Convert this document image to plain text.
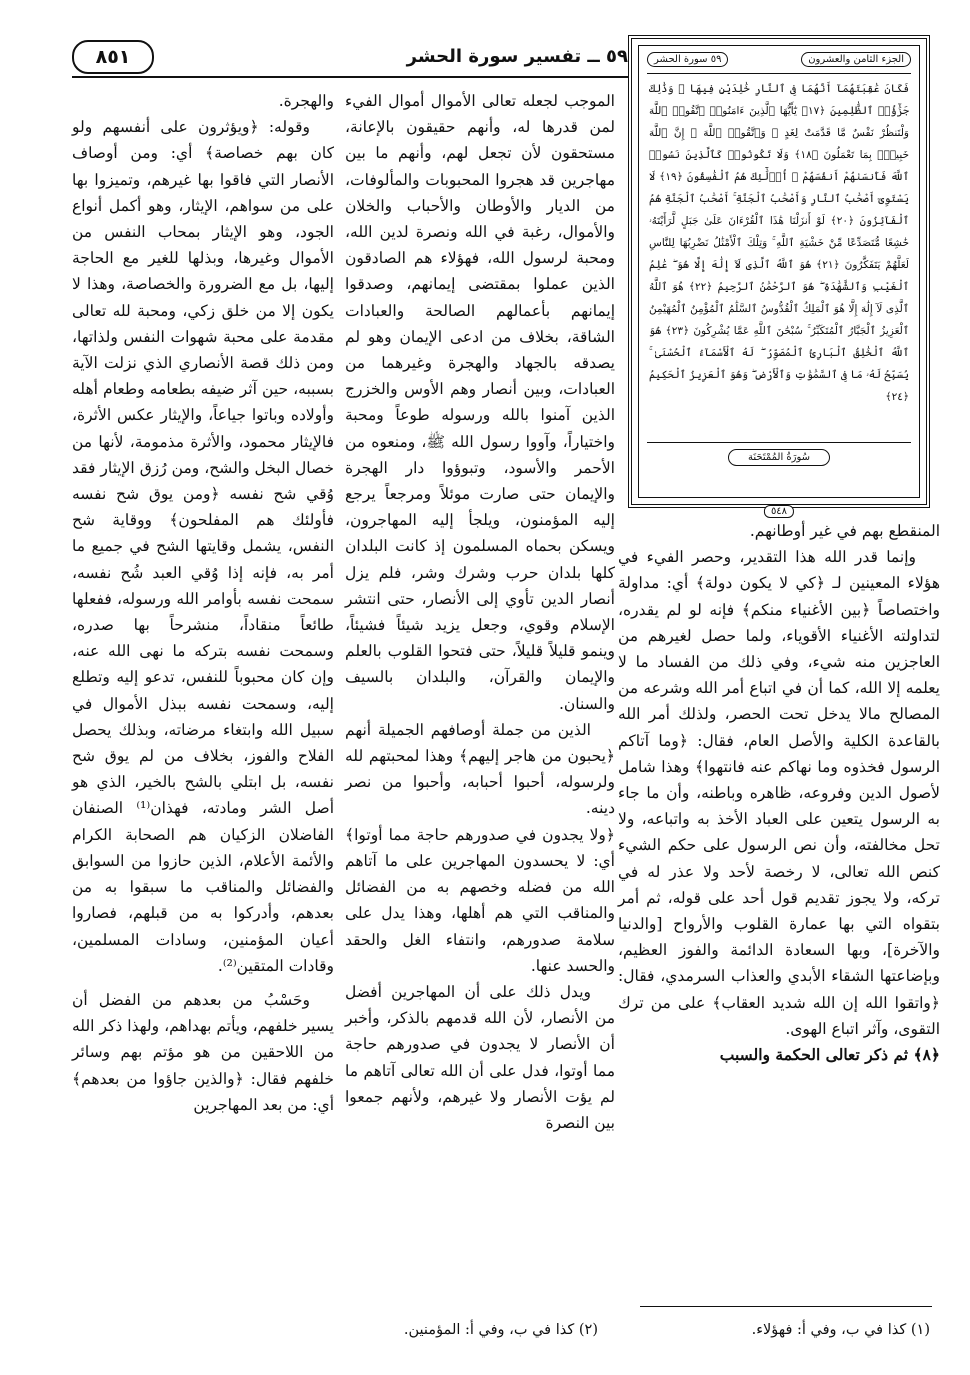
٨٥١	٥٩ ــ تفسير سورة الحشر	الجزء الثامن والعشرون
٥٩ سورة الحشر
فَكَانَ عَٰقِبَتَهُمَآ أَنَّهُمَا فِى ٱلنَّارِ خَٰلِدَيْنِ فِيهَا ۚ وَذَٰلِكَ جَزَٰٓؤُا۟ ٱلظَّٰلِمِينَ ﴿١٧﴾ يَٰٓأَيُّهَا ٱلَّذِينَ ءَامَنُوا۟ ٱتَّقُوا۟ ٱللَّهَ وَلْتَنظُرْ نَفْسٌ مَّا قَدَّمَتْ لِغَدٍ ۖ وَٱتَّقُوا۟ ٱللَّهَ ۚ إِنَّ ٱللَّهَ خَبِيرٌۢ بِمَا تَعْمَلُونَ ﴿١٨﴾ وَلَا تَكُونُوا۟ كَٱلَّذِينَ نَسُوا۟ ٱللَّهَ فَأَنسَىٰهُمْ أَنفُسَهُمْ ۚ أُو۟لَٰٓئِكَ هُمُ ٱلْفَٰسِقُونَ ﴿١٩﴾ لَا يَسْتَوِىٓ أَصْحَٰبُ ٱلنَّارِ وَأَصْحَٰبُ ٱلْجَنَّةِ ۚ أَصْحَٰبُ ٱلْجَنَّةِ هُمُ ٱلْفَآئِزُونَ ﴿٢٠﴾ لَوْ أَنزَلْنَا هَٰذَا ٱلْقُرْءَانَ عَلَىٰ جَبَلٍ لَّرَأَيْتَهُۥ خَٰشِعًا مُّتَصَدِّعًا مِّنْ خَشْيَةِ ٱللَّهِ ۚ وَتِلْكَ ٱلْأَمْثَٰلُ نَضْرِبُهَا لِلنَّاسِ لَعَلَّهُمْ يَتَفَكَّرُونَ ﴿٢١﴾ هُوَ ٱللَّهُ ٱلَّذِى لَآ إِلَٰهَ إِلَّا هُوَ ۖ عَٰلِمُ ٱلْغَيْبِ وَٱلشَّهَٰدَةِ ۖ هُوَ ٱلرَّحْمَٰنُ ٱلرَّحِيمُ ﴿٢٢﴾ هُوَ ٱللَّهُ ٱلَّذِى لَآ إِلَٰهَ إِلَّا هُوَ ٱلْمَلِكُ ٱلْقُدُّوسُ ٱلسَّلَٰمُ ٱلْمُؤْمِنُ ٱلْمُهَيْمِنُ ٱلْعَزِيزُ ٱلْجَبَّارُ ٱلْمُتَكَبِّرُ ۚ سُبْحَٰنَ ٱللَّهِ عَمَّا يُشْرِكُونَ ﴿٢٣﴾ هُوَ ٱللَّهُ ٱلْخَٰلِقُ ٱلْبَارِئُ ٱلْمُصَوِّرُ ۖ لَهُ ٱلْأَسْمَآءُ ٱلْحُسْنَىٰ ۚ يُسَبِّحُ لَهُۥ مَا فِى ٱلسَّمَٰوَٰتِ وَٱلْأَرْضِ ۖ وَهُوَ ٱلْعَزِيزُ ٱلْحَكِيمُ ﴿٢٤﴾
سُورَةُ المُمْتَحَنَة
٥٤٨

المنقطع بهم في غير أوطانهم.

وإنما قدر الله هذا التقدير، وحصر الفيء في هؤلاء المعينين لـ ﴿كي لا يكون دولة﴾ أي: مداولة واختصاصاً ﴿بين الأغنياء منكم﴾ فإنه لو لم يقدره، لتداولته الأغنياء الأقوياء، ولما حصل لغيرهم من العاجزين منه شيء، وفي ذلك من الفساد ما لا يعلمه إلا الله، كما أن في اتباع أمر الله وشرعه من المصالح مالا يدخل تحت الحصر، ولذلك أمر الله بالقاعدة الكلية والأصل العام، فقال: ﴿وما آتاكم الرسول فخذوه وما نهاكم عنه فانتهوا﴾ وهذا شامل لأصول الدين وفروعه، ظاهره وباطنه، وأن ما جاء به الرسول يتعين على العباد الأخذ به واتباعه، ولا تحل مخالفته، وأن نص الرسول على حكم الشيء كنص الله تعالى، لا رخصة لأحد ولا عذر له في تركه، ولا يجوز تقديم قول أحد على قوله، ثم أمر بتقواه التي بها عمارة القلوب والأرواح [والدنيا والآخرة]، وبها السعادة الدائمة والفوز العظيم، وبإضاعتها الشقاء الأبدي والعذاب السرمدي، فقال: ﴿واتقوا الله إن الله شديد العقاب﴾ على من ترك التقوى، وآثر اتباع الهوى.

﴿٨﴾ ثم ذكر تعالى الحكمة والسبب

الموجب لجعله تعالى الأموال أموال الفيء لمن قدرها له، وأنهم حقيقون بالإعانة، مستحقون لأن تجعل لهم، وأنهم ما بين مهاجرين قد هجروا المحبوبات والمألوفات، من الديار والأوطان والأحباب والخلان والأموال، رغبة في الله ونصرة لدين الله، ومحبة لرسول الله، فهؤلاء هم الصادقون الذين عملوا بمقتضى إيمانهم، وصدقوا إيمانهم بأعمالهم الصالحة والعبادات الشاقة، بخلاف من ادعى الإيمان وهو لم يصدقه بالجهاد والهجرة وغيرهما من العبادات، وبين أنصار وهم الأوس والخزرج الذين آمنوا بالله ورسوله طوعاً ومحبة واختياراً، وآووا رسول الله ﷺ، ومنعوه من الأحمر والأسود، وتبوؤوا دار الهجرة والإيمان حتى صارت موئلاً ومرجعاً يرجع إليه المؤمنون، ويلجأ إليه المهاجرون، ويسكن بحماه المسلمون إذ كانت البلدان كلها بلدان حرب وشرك وشر، فلم يزل أنصار الدين تأوي إلى الأنصار، حتى انتشر الإسلام وقوي، وجعل يزيد شيئاً فشيئاً، وينمو قليلاً قليلاً، حتى فتحوا القلوب بالعلم والإيمان والقرآن، والبلدان بالسيف والسنان.

الذين من جملة أوصافهم الجميلة أنهم ﴿يحبون من هاجر إليهم﴾ وهذا لمحبتهم لله ولرسوله، أحبوا أحبابه، وأحبوا من نصر دينه.

﴿ولا يجدون في صدورهم حاجة مما أوتوا﴾ أي: لا يحسدون المهاجرين على ما آتاهم الله من فضله وخصهم به من الفضائل والمناقب التي هم أهلها، وهذا يدل على سلامة صدورهم، وانتفاء الغل والحقد والحسد عنها.

ويدل ذلك على أن المهاجرين أفضل من الأنصار، لأن الله قدمهم بالذكر، وأخبر أن الأنصار لا يجدون في صدورهم حاجة مما أوتوا، فدل على أن الله تعالى آتاهم ما لم يؤت الأنصار ولا غيرهم، ولأنهم جمعوا بين النصرة

والهجرة.

وقوله: ﴿ويؤثرون على أنفسهم ولو كان بهم خصاصة﴾ أي: ومن أوصاف الأنصار التي فاقوا بها غيرهم، وتميزوا بها على من سواهم، الإيثار، وهو أكمل أنواع الجود، وهو الإيثار بمحاب النفس من الأموال وغيرها، وبذلها للغير مع الحاجة إليها، بل مع الضرورة والخصاصة، وهذا لا يكون إلا من خلق زكي، ومحبة لله تعالى مقدمة على محبة شهوات النفس ولذاتها، ومن ذلك قصة الأنصاري الذي نزلت الآية بسببه، حين آثر ضيفه بطعامه وطعام أهله وأولاده وباتوا جياعاً، والإيثار عكس الأثرة، فالإيثار محمود، والأثرة مذمومة، لأنها من خصال البخل والشح، ومن رُزق الإيثار فقد وُقي شح نفسه ﴿ومن يوق شح نفسه فأولئك هم المفلحون﴾ ووقاية شح النفس، يشمل وقايتها الشح في جميع ما أمر به، فإنه إذا وُقي العبد شُح نفسه، سمحت نفسه بأوامر الله ورسوله، ففعلها طائعاً منقاداً، منشرحاً بها صدره، وسمحت نفسه بتركه ما نهى الله عنه، وإن كان محبوباً للنفس، تدعو إليه وتطلع إليه، وسمحت نفسه ببذل الأموال في سبيل الله وابتغاء مرضاته، وبذلك يحصل الفلاح والفوز، بخلاف من لم يوق شح نفسه، بل ابتلي بالشح بالخير، الذي هو أصل الشر ومادته، فهذان⁽¹⁾ الصنفان الفاضلان الزكيان هم الصحابة الكرام والأئمة الأعلام، الذين حازوا من السوابق والفضائل والمناقب ما سبقوا به من بعدهم، وأدركوا به من قبلهم، فصاروا أعيان المؤمنين، وسادات المسلمين، وقادات المتقين⁽²⁾.

وحَسْبُ من بعدهم من الفضل أن يسير خلفهم، ويأتم بهداهم، ولهذا ذكر الله من اللاحقين من هو مؤتم بهم وسائر خلفهم فقال: ﴿والذين جاؤوا من بعدهم﴾ أي: من بعد المهاجرين

(١) كذا في ب، وفي أ: فهؤلاء.
(٢) كذا في ب، وفي أ: المؤمنين.
